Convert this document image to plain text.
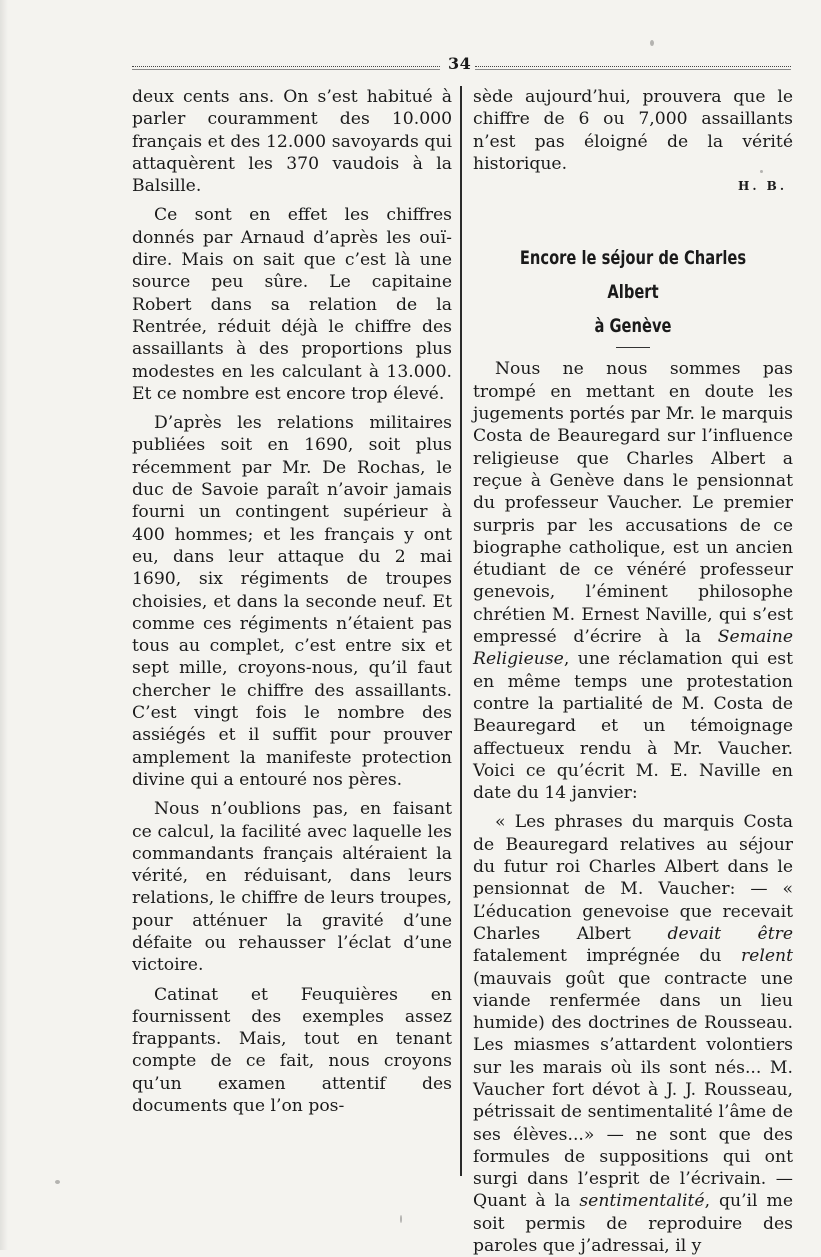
34

deux cents ans. On s’est habitué à parler couramment des 10.000 français et des 12.000 savoyards qui attaquèrent les 370 vaudois à la Balsille.

Ce sont en effet les chiffres donnés par Arnaud d’après les ouï-dire. Mais on sait que c’est là une source peu sûre. Le capitaine Robert dans sa relation de la Rentrée, réduit déjà le chiffre des assaillants à des proportions plus modestes en les calculant à 13.000. Et ce nombre est encore trop élevé.

D’après les relations militaires publiées soit en 1690, soit plus récemment par Mr. De Rochas, le duc de Savoie paraît n’avoir jamais fourni un contingent supérieur à 400 hommes; et les français y ont eu, dans leur attaque du 2 mai 1690, six régiments de troupes choisies, et dans la seconde neuf. Et comme ces régiments n’étaient pas tous au complet, c’est entre six et sept mille, croyons-nous, qu’il faut chercher le chiffre des assaillants. C’est vingt fois le nombre des assiégés et il suffit pour prouver amplement la manifeste protection divine qui a entouré nos pères.

Nous n’oublions pas, en faisant ce calcul, la facilité avec laquelle les commandants français altéraient la vérité, en réduisant, dans leurs relations, le chiffre de leurs troupes, pour atténuer la gravité d’une défaite ou rehausser l’éclat d’une victoire.

Catinat et Feuquières en fournissent des exemples assez frappants. Mais, tout en tenant compte de ce fait, nous croyons qu’un examen attentif des documents que l’on pos-

sède aujourd’hui, prouvera que le chiffre de 6 ou 7,000 assaillants n’est pas éloigné de la vérité historique.

H. B.
Encore le séjour de Charles Albert
à Genève

Nous ne nous sommes pas trompé en mettant en doute les jugements portés par Mr. le marquis Costa de Beauregard sur l’influence religieuse que Charles Albert a reçue à Genève dans le pensionnat du professeur Vaucher. Le premier surpris par les accusations de ce biographe catholique, est un ancien étudiant de ce vénéré professeur genevois, l’éminent philosophe chrétien M. Ernest Naville, qui s’est empressé d’écrire à la Semaine Religieuse, une réclamation qui est en même temps une protestation contre la partialité de M. Costa de Beauregard et un témoignage affectueux rendu à Mr. Vaucher. Voici ce qu’écrit M. E. Naville en date du 14 janvier:

« Les phrases du marquis Costa de Beauregard relatives au séjour du futur roi Charles Albert dans le pensionnat de M. Vaucher: — « L’éducation genevoise que recevait Charles Albert devait être fatalement imprégnée du relent (mauvais goût que contracte une viande renfermée dans un lieu humide) des doctrines de Rousseau. Les miasmes s’attardent volontiers sur les marais où ils sont nés... M. Vaucher fort dévot à J. J. Rousseau, pétrissait de sentimentalité l’âme de ses élèves...» — ne sont que des formules de suppositions qui ont surgi dans l’esprit de l’écrivain. — Quant à la sentimentalité, qu’il me soit permis de reproduire des paroles que j’adressai, il y
